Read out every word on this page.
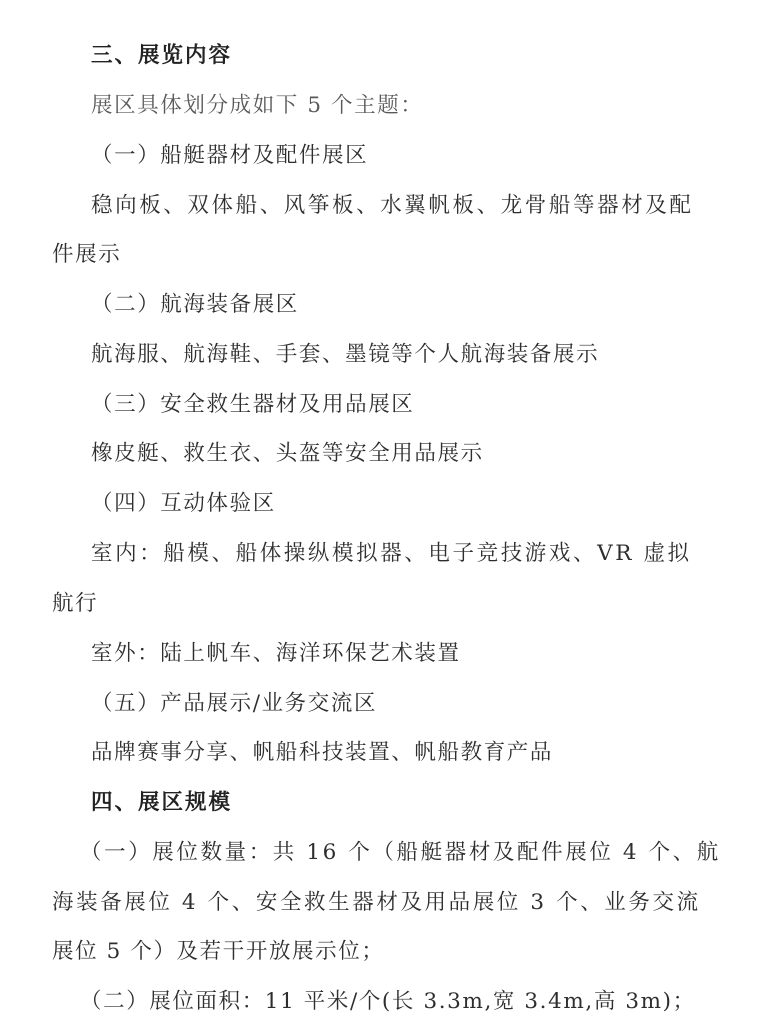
三、展览内容
展区具体划分成如下 5 个主题：
（一）船艇器材及配件展区
稳向板、双体船、风筝板、水翼帆板、龙骨船等器材及配
件展示
（二）航海装备展区
航海服、航海鞋、手套、墨镜等个人航海装备展示
（三）安全救生器材及用品展区
橡皮艇、救生衣、头盔等安全用品展示
（四）互动体验区
室内：船模、船体操纵模拟器、电子竞技游戏、VR 虚拟
航行
室外：陆上帆车、海洋环保艺术装置
（五）产品展示/业务交流区
品牌赛事分享、帆船科技装置、帆船教育产品
四、展区规模
（一）展位数量：共 16 个（船艇器材及配件展位 4 个、航
海装备展位 4 个、安全救生器材及用品展位 3 个、业务交流
展位 5 个）及若干开放展示位；
（二）展位面积：11 平米/个(长 3.3m,宽 3.4m,高 3m)；
